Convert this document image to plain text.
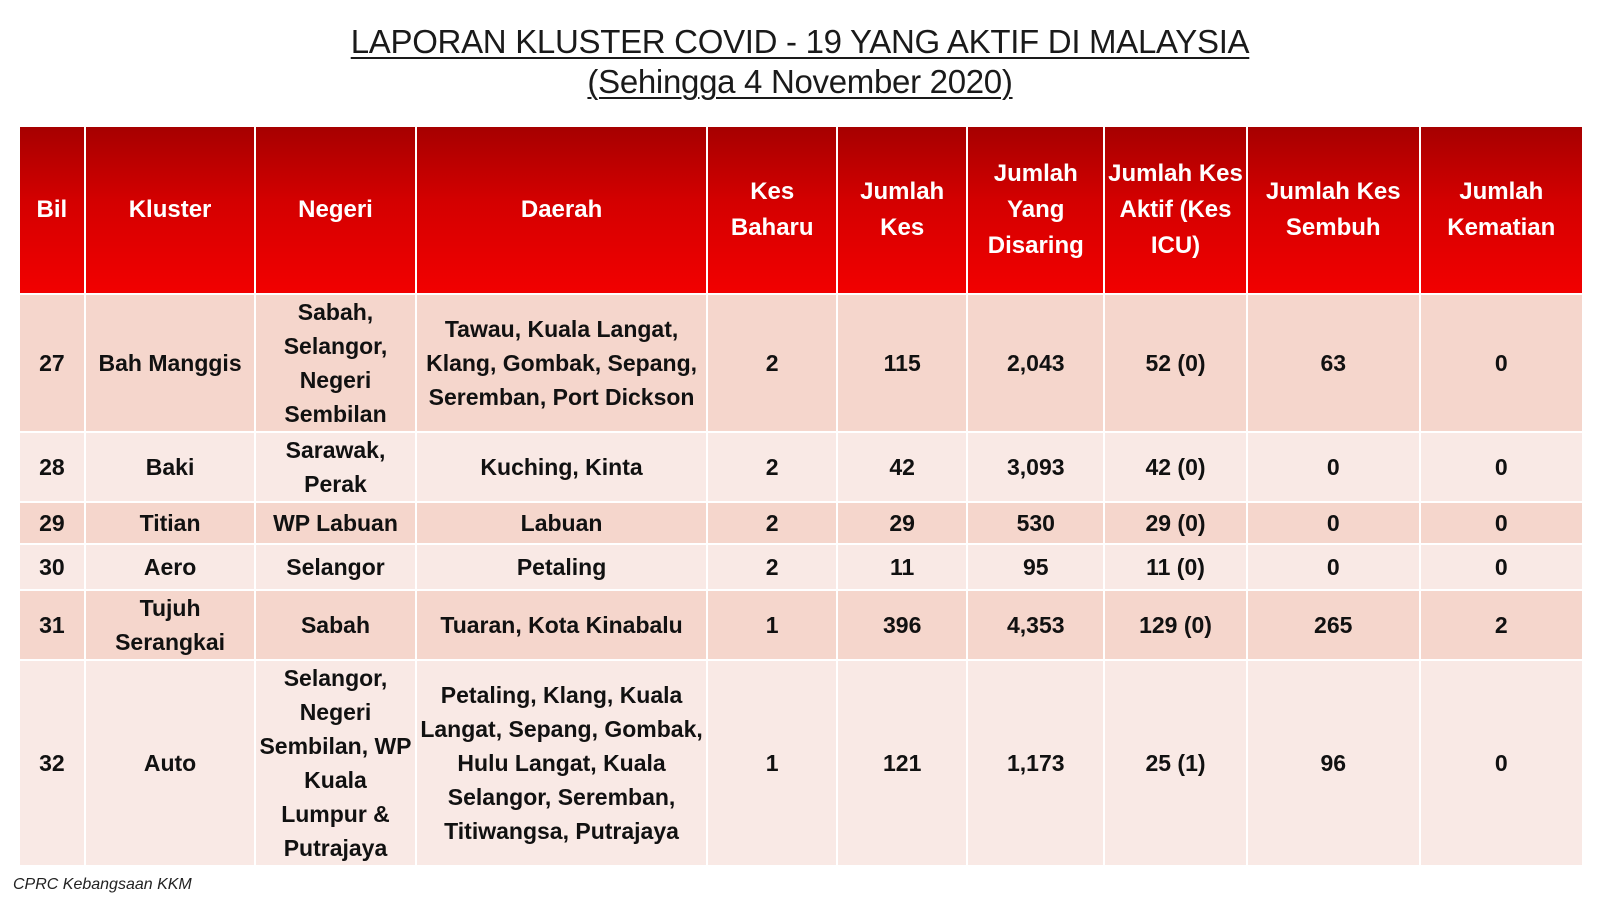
LAPORAN KLUSTER COVID - 19 YANG AKTIF DI MALAYSIA
(Sehingga 4 November 2020)
Bil	Kluster	Negeri	Daerah	Kes Baharu	Jumlah Kes	Jumlah Yang Disaring	Jumlah Kes Aktif (Kes ICU)	Jumlah Kes Sembuh	Jumlah Kematian
27	Bah Manggis	Sabah, Selangor, Negeri Sembilan	Tawau, Kuala Langat, Klang, Gombak, Sepang, Seremban, Port Dickson	2	115	2,043	52 (0)	63	0
28	Baki	Sarawak, Perak	Kuching, Kinta	2	42	3,093	42 (0)	0	0
29	Titian	WP Labuan	Labuan	2	29	530	29 (0)	0	0
30	Aero	Selangor	Petaling	2	11	95	11 (0)	0	0
31	Tujuh Serangkai	Sabah	Tuaran, Kota Kinabalu	1	396	4,353	129 (0)	265	2
32	Auto	Selangor, Negeri Sembilan, WP Kuala Lumpur & Putrajaya	Petaling, Klang, Kuala Langat, Sepang, Gombak, Hulu Langat, Kuala Selangor, Seremban, Titiwangsa, Putrajaya	1	121	1,173	25 (1)	96	0
CPRC Kebangsaan KKM
